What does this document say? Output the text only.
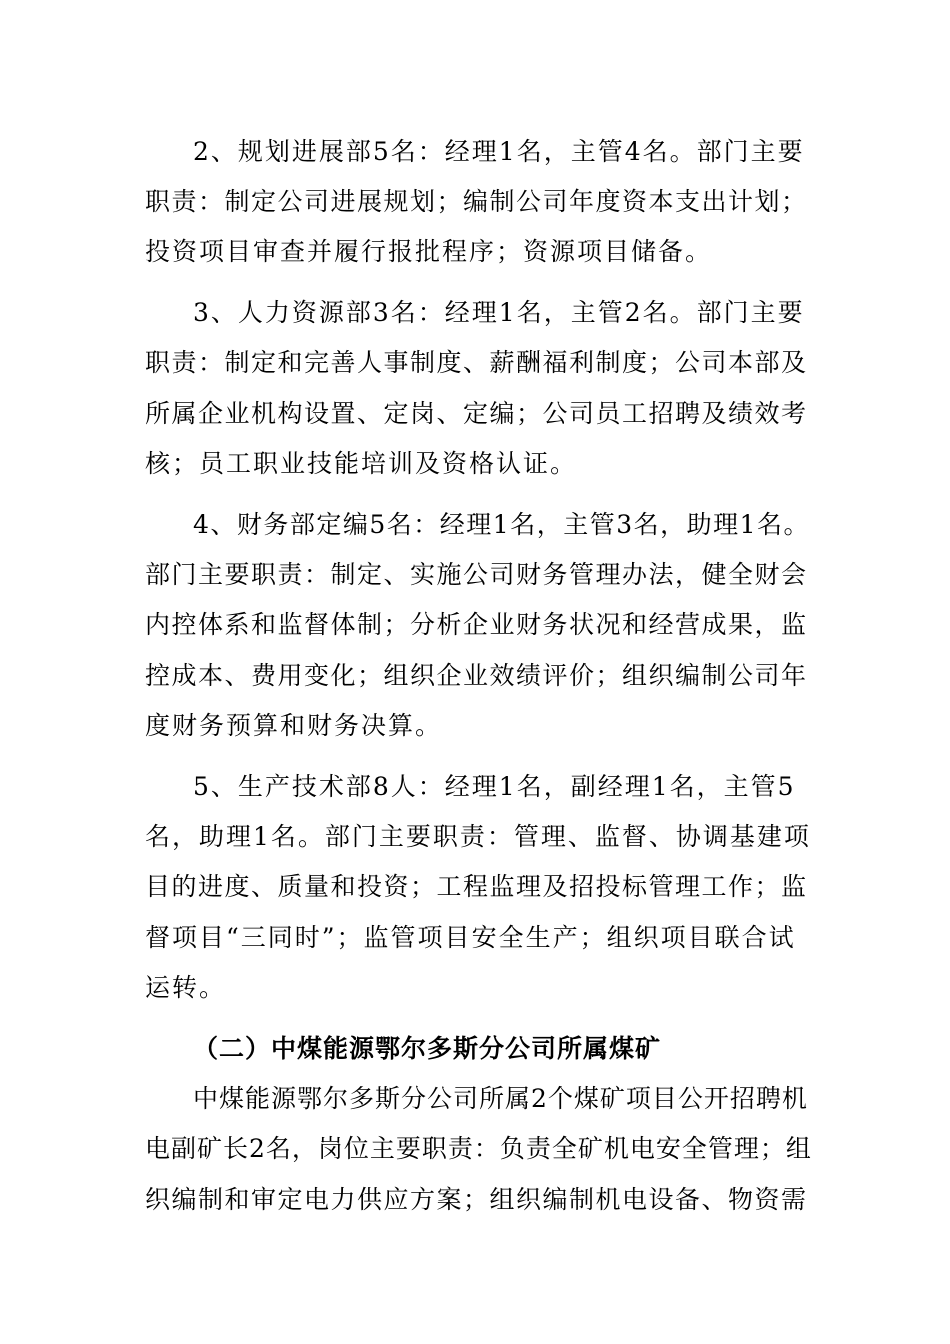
2、规划进展部5名：经理1名，主管4名。部门主要
职责：制定公司进展规划；编制公司年度资本支出计划；
投资项目审查并履行报批程序；资源项目储备。
3、人力资源部3名：经理1名，主管2名。部门主要
职责：制定和完善人事制度、薪酬福利制度；公司本部及
所属企业机构设置、定岗、定编；公司员工招聘及绩效考
核；员工职业技能培训及资格认证。
4、财务部定编5名：经理1名，主管3名，助理1名。
部门主要职责：制定、实施公司财务管理办法，健全财会
内控体系和监督体制；分析企业财务状况和经营成果，监
控成本、费用变化；组织企业效绩评价；组织编制公司年
度财务预算和财务决算。
5、生产技术部8人：经理1名，副经理1名，主管5
名，助理1名。部门主要职责：管理、监督、协调基建项
目的进度、质量和投资；工程监理及招投标管理工作；监
督项目“三同时”；监管项目安全生产；组织项目联合试
运转。
（二）中煤能源鄂尔多斯分公司所属煤矿
中煤能源鄂尔多斯分公司所属2个煤矿项目公开招聘机
电副矿长2名，岗位主要职责：负责全矿机电安全管理；组
织编制和审定电力供应方案；组织编制机电设备、物资需
